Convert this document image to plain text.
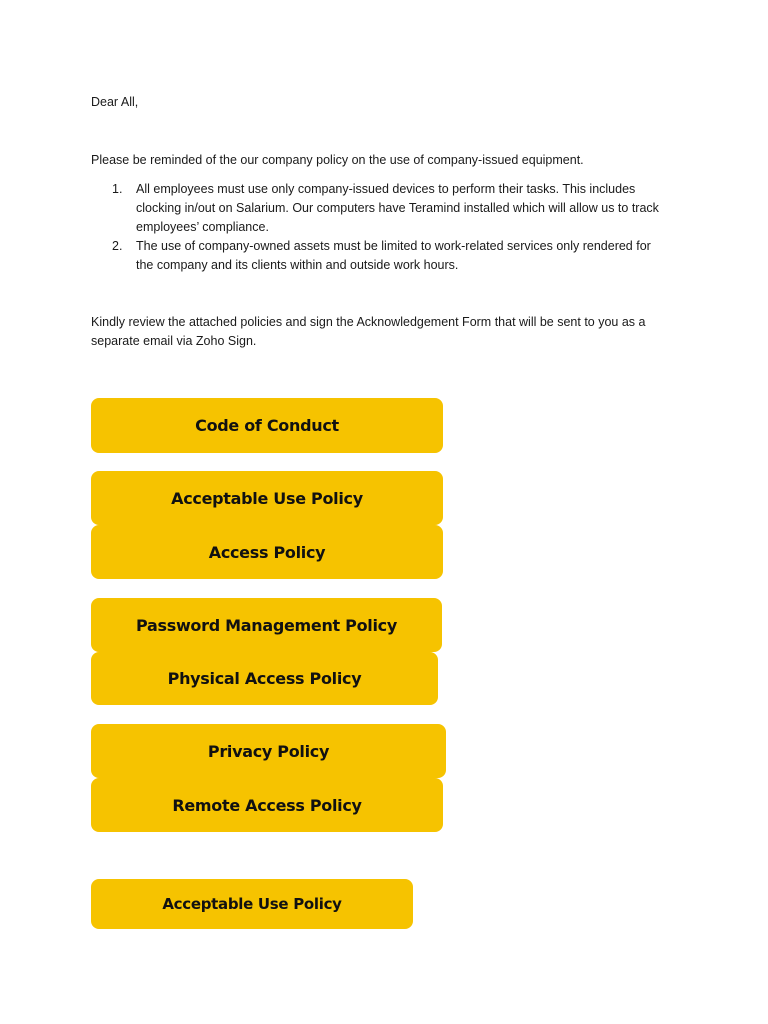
Dear All,
Please be reminded of the our company policy on the use of company-issued equipment.
1. All employees must use only company-issued devices to perform their tasks. This includes
clocking in/out on Salarium. Our computers have Teramind installed which will allow us to track
employees’ compliance.
2. The use of company-owned assets must be limited to work-related services only rendered for
the company and its clients within and outside work hours.
Kindly review the attached policies and sign the Acknowledgement Form that will be sent to you as a
separate email via Zoho Sign.
Code of Conduct
Acceptable Use Policy
Access Policy
Password Management Policy
Physical Access Policy
Privacy Policy
Remote Access Policy
Acceptable Use Policy
